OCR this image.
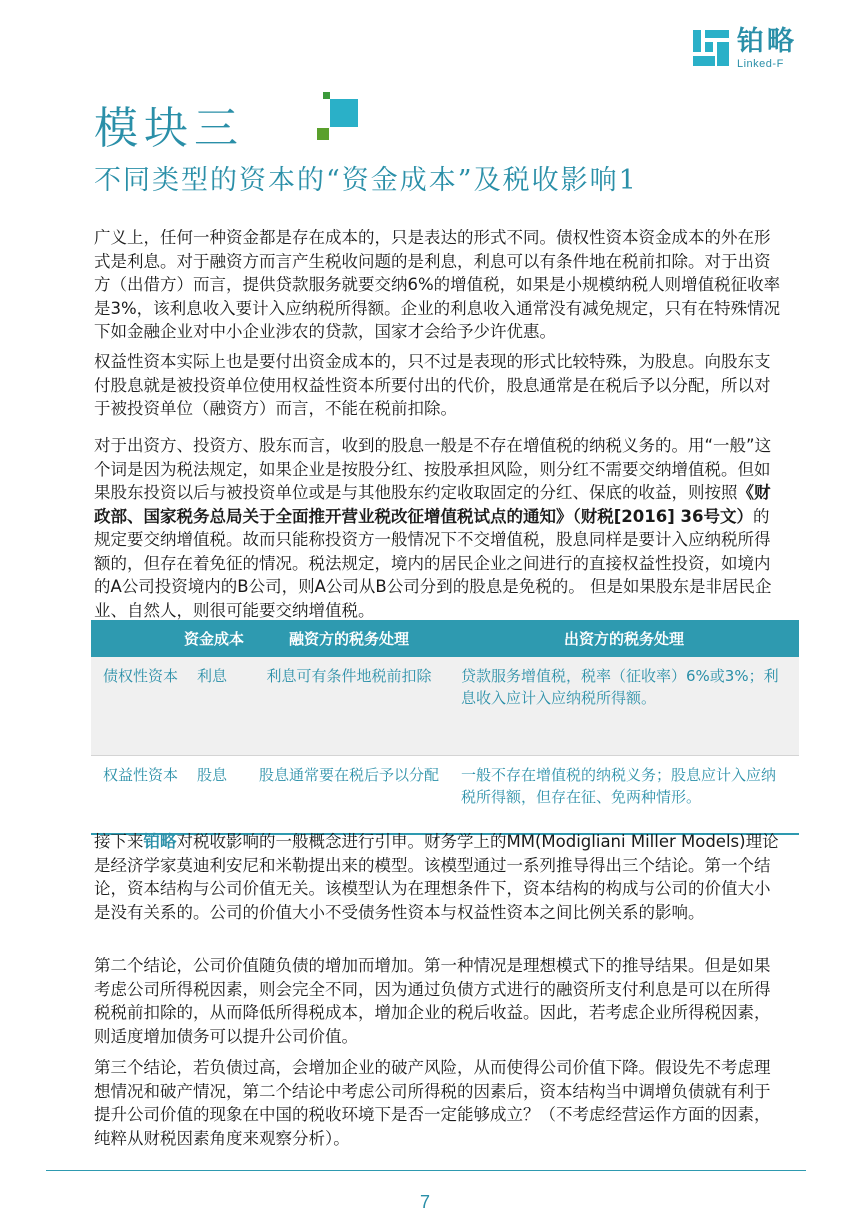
铂略
Linked-F
模块三
不同类型的资本的“资金成本”及税收影响1
广义上，任何一种资金都是存在成本的，只是表达的形式不同。债权性资本资金成本的外在形式是利息。对于融资方而言产生税收问题的是利息，利息可以有条件地在税前扣除。对于出资方（出借方）而言，提供贷款服务就要交纳6%的增值税，如果是小规模纳税人则增值税征收率是3%，该利息收入要计入应纳税所得额。企业的利息收入通常没有减免规定，只有在特殊情况下如金融企业对中小企业涉农的贷款，国家才会给予少许优惠。
权益性资本实际上也是要付出资金成本的，只不过是表现的形式比较特殊，为股息。向股东支付股息就是被投资单位使用权益性资本所要付出的代价，股息通常是在税后予以分配，所以对于被投资单位（融资方）而言，不能在税前扣除。
对于出资方、投资方、股东而言，收到的股息一般是不存在增值税的纳税义务的。用“一般”这个词是因为税法规定，如果企业是按股分红、按股承担风险，则分红不需要交纳增值税。但如果股东投资以后与被投资单位或是与其他股东约定收取固定的分红、保底的收益，则按照《财政部、国家税务总局关于全面推开营业税改征增值税试点的通知》（财税[2016] 36号文）的规定要交纳增值税。故而只能称投资方一般情况下不交增值税，股息同样是要计入应纳税所得额的，但存在着免征的情况。税法规定，境内的居民企业之间进行的直接权益性投资，如境内的A公司投资境内的B公司，则A公司从B公司分到的股息是免税的。 但是如果股东是非居民企业、自然人，则很可能要交纳增值税。
资金成本	融资方的税务处理	出资方的税务处理
债权性资本	利息	利息可有条件地税前扣除	贷款服务增值税，税率（征收率）6%或3%；利息收入应计入应纳税所得额。
权益性资本	股息	股息通常要在税后予以分配	一般不存在增值税的纳税义务；股息应计入应纳税所得额，但存在征、免两种情形。
接下来铂略对税收影响的一般概念进行引申。财务学上的MM(Modigliani Miller Models)理论是经济学家莫迪利安尼和米勒提出来的模型。该模型通过一系列推导得出三个结论。第一个结论，资本结构与公司价值无关。该模型认为在理想条件下，资本结构的构成与公司的价值大小是没有关系的。公司的价值大小不受债务性资本与权益性资本之间比例关系的影响。
第二个结论，公司价值随负债的增加而增加。第一种情况是理想模式下的推导结果。但是如果考虑公司所得税因素，则会完全不同，因为通过负债方式进行的融资所支付利息是可以在所得税税前扣除的，从而降低所得税成本，增加企业的税后收益。因此，若考虑企业所得税因素，则适度增加债务可以提升公司价值。
第三个结论，若负债过高，会增加企业的破产风险，从而使得公司价值下降。假设先不考虑理想情况和破产情况，第二个结论中考虑公司所得税的因素后，资本结构当中调增负债就有利于提升公司价值的现象在中国的税收环境下是否一定能够成立？（不考虑经营运作方面的因素，纯粹从财税因素角度来观察分析）。
7
